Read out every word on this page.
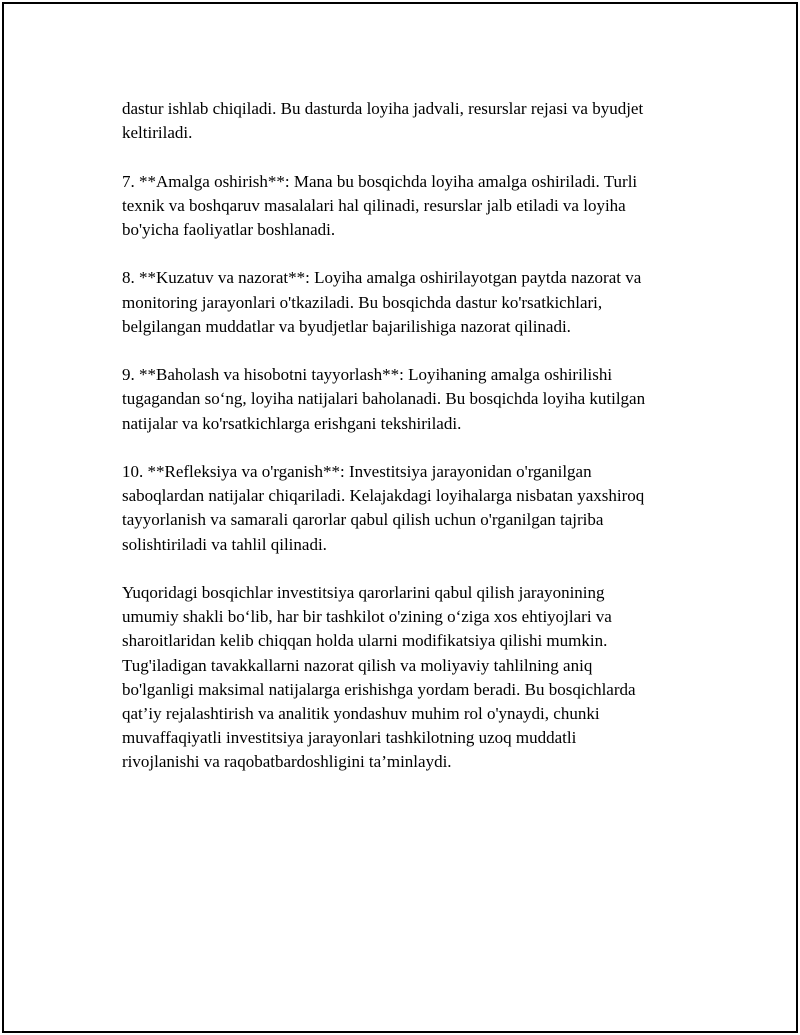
dastur ishlab chiqiladi. Bu dasturda loyiha jadvali, resurslar rejasi va byudjet
keltiriladi.

7. **Amalga oshirish**: Mana bu bosqichda loyiha amalga oshiriladi. Turli
texnik va boshqaruv masalalari hal qilinadi, resurslar jalb etiladi va loyiha
bo'yicha faoliyatlar boshlanadi.

8. **Kuzatuv va nazorat**: Loyiha amalga oshirilayotgan paytda nazorat va
monitoring jarayonlari o'tkaziladi. Bu bosqichda dastur ko'rsatkichlari,
belgilangan muddatlar va byudjetlar bajarilishiga nazorat qilinadi.

9. **Baholash va hisobotni tayyorlash**: Loyihaning amalga oshirilishi
tugagandan so‘ng, loyiha natijalari baholanadi. Bu bosqichda loyiha kutilgan
natijalar va ko'rsatkichlarga erishgani tekshiriladi.

10. **Refleksiya va o'rganish**: Investitsiya jarayonidan o'rganilgan
saboqlardan natijalar chiqariladi. Kelajakdagi loyihalarga nisbatan yaxshiroq
tayyorlanish va samarali qarorlar qabul qilish uchun o'rganilgan tajriba
solishtiriladi va tahlil qilinadi.

Yuqoridagi bosqichlar investitsiya qarorlarini qabul qilish jarayonining
umumiy shakli bo‘lib, har bir tashkilot o'zining o‘ziga xos ehtiyojlari va
sharoitlaridan kelib chiqqan holda ularni modifikatsiya qilishi mumkin.
Tug'iladigan tavakkallarni nazorat qilish va moliyaviy tahlilning aniq
bo'lganligi maksimal natijalarga erishishga yordam beradi. Bu bosqichlarda
qat’iy rejalashtirish va analitik yondashuv muhim rol o'ynaydi, chunki
muvaffaqiyatli investitsiya jarayonlari tashkilotning uzoq muddatli
rivojlanishi va raqobatbardoshligini ta’minlaydi.
